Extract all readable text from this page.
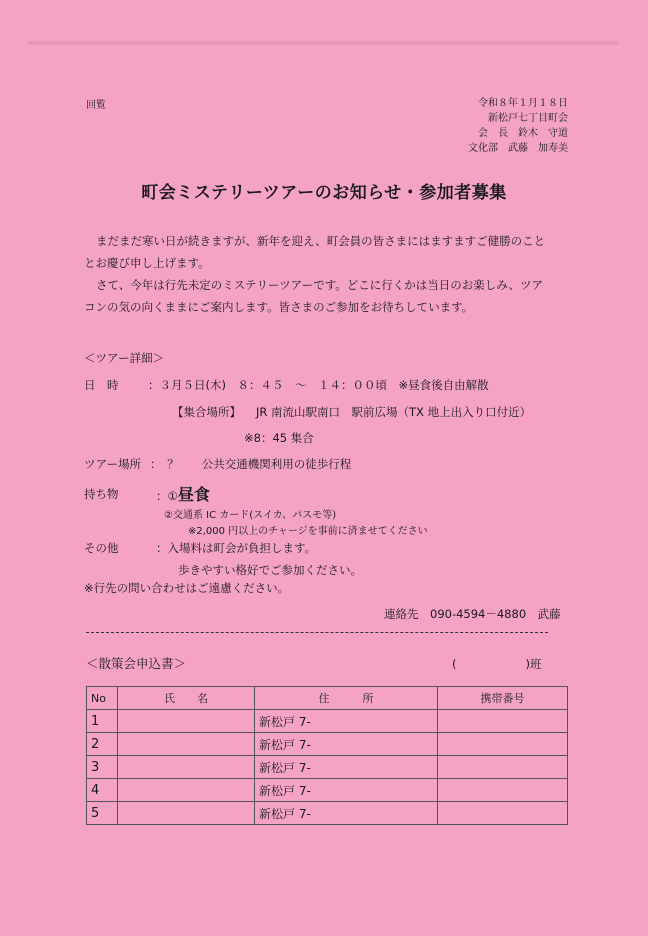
回覧	令和８年１月１８日
新松戸七丁目町会
会　長　鈴木　守道
文化部　武藤　加寿美
町会ミステリーツアーのお知らせ・参加者募集
まだまだ寒い日が続きますが、新年を迎え、町会員の皆さまにはますますご健勝のこと
とお慶び申し上げます。
さて、今年は行先未定のミステリーツアーです。どこに行くかは当日のお楽しみ、ツア
コンの気の向くままにご案内します。皆さまのご参加をお待ちしています。
＜ツアー詳細＞
日　時	：３月５日(木)　８：４５　～　１４：００頃　※昼食後自由解散
【集合場所】 JR 南流山駅南口　駅前広場（TX 地上出入り口付近）
※8：45 集合
ツアー場所 ：　？　　公共交通機関利用の徒歩行程
持ち物	：①昼食
②交通系 IC カード(スイカ、パスモ等)
※2,000 円以上のチャージを事前に済ませてください
その他	：入場料は町会が負担します。
歩きやすい格好でご参加ください。
※行先の問い合わせはご遠慮ください。
連絡先　090-4594－4880　武藤
＜散策会申込書＞	(　　　　　　)班
No	氏　　名	住　　　所	携帯番号
1		新松戸 7-	
2		新松戸 7-	
3		新松戸 7-	
4		新松戸 7-	
5		新松戸 7-	
